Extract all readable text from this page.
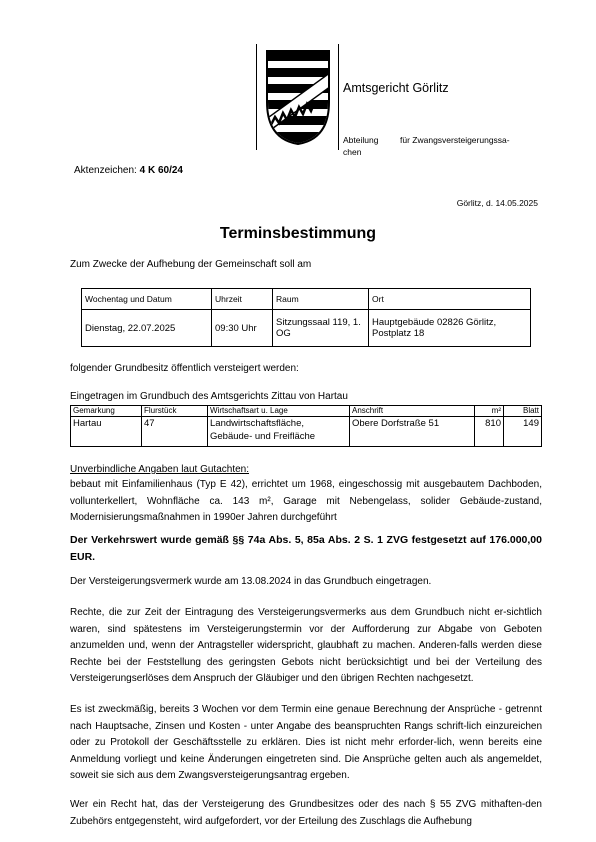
Amtsgericht Görlitz
Abteilung
chen
für Zwangsversteigerungssa-
Aktenzeichen: 4 K 60/24
Görlitz, d. 14.05.2025
Terminsbestimmung
Zum Zwecke der Aufhebung der Gemeinschaft soll am
Wochentag und Datum	Uhrzeit	Raum	Ort
Dienstag, 22.07.2025	09:30 Uhr	Sitzungssaal 119, 1. OG	Hauptgebäude 02826 Görlitz, Postplatz 18
folgender Grundbesitz öffentlich versteigert werden:
Eingetragen im Grundbuch des Amtsgerichts Zittau von Hartau
Gemarkung	Flurstück	Wirtschaftsart u. Lage	Anschrift	m²	Blatt
Hartau	47	Landwirtschaftsfläche, Gebäude- und Freifläche	Obere Dorfstraße 51	810	149
Unverbindliche Angaben laut Gutachten:
bebaut mit Einfamilienhaus (Typ E 42), errichtet um 1968, eingeschossig mit ausgebautem Dachboden, vollunterkellert, Wohnfläche ca. 143 m², Garage mit Nebengelass, solider Gebäude-zustand, Modernisierungsmaßnahmen in 1990er Jahren durchgeführt
Der Verkehrswert wurde gemäß §§ 74a Abs. 5, 85a Abs. 2 S. 1 ZVG festgesetzt auf 176.000,00 EUR.
Der Versteigerungsvermerk wurde am 13.08.2024 in das Grundbuch eingetragen.
Rechte, die zur Zeit der Eintragung des Versteigerungsvermerks aus dem Grundbuch nicht er-sichtlich waren, sind spätestens im Versteigerungstermin vor der Aufforderung zur Abgabe von Geboten anzumelden und, wenn der Antragsteller widerspricht, glaubhaft zu machen. Anderen-falls werden diese Rechte bei der Feststellung des geringsten Gebots nicht berücksichtigt und bei der Verteilung des Versteigerungserlöses dem Anspruch der Gläubiger und den übrigen Rechten nachgesetzt.
Es ist zweckmäßig, bereits 3 Wochen vor dem Termin eine genaue Berechnung der Ansprüche - getrennt nach Hauptsache, Zinsen und Kosten - unter Angabe des beanspruchten Rangs schrift-lich einzureichen oder zu Protokoll der Geschäftsstelle zu erklären. Dies ist nicht mehr erforder-lich, wenn bereits eine Anmeldung vorliegt und keine Änderungen eingetreten sind. Die Ansprüche gelten auch als angemeldet, soweit sie sich aus dem Zwangsversteigerungsantrag ergeben.
Wer ein Recht hat, das der Versteigerung des Grundbesitzes oder des nach § 55 ZVG mithaften-den Zubehörs entgegensteht, wird aufgefordert, vor der Erteilung des Zuschlags die Aufhebung
